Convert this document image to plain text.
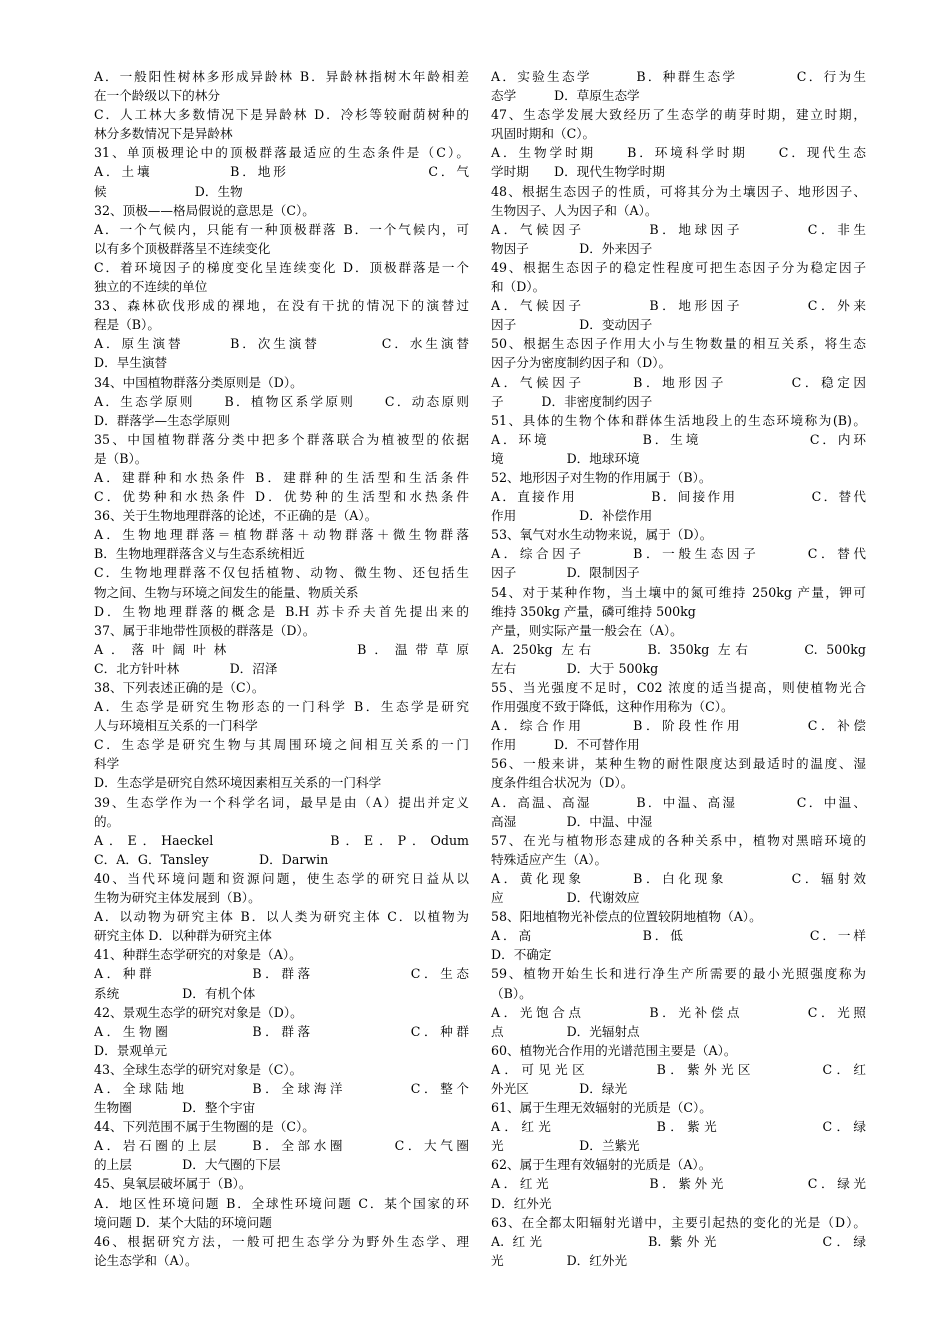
A．一般阳性树林多形成异龄林 B．异龄林指树木年龄相差
在一个龄级以下的林分
C．人工林大多数情况下是异龄林 D．冷杉等较耐荫树种的
林分多数情况下是异龄林
31、单顶极理论中的顶极群落最适应的生态条件是（C）。
A．土壤　　　　　B．地形　　　　　　　　　C．气
候　　　　　　　D．生物
32、顶极——格局假说的意思是（C）。
A．一个气候内，只能有一种顶极群落 B．一个气候内，可
以有多个顶极群落呈不连续变化
C．着环境因子的梯度变化呈连续变化 D．顶极群落是一个
独立的不连续的单位
33、森林砍伐形成的裸地，在没有干扰的情况下的演替过
程是（B）。
A．原生演替　　　B．次生演替　　　　C．水生演替
D．旱生演替
34、中国植物群落分类原则是（D）。
A．生态学原则　　B．植物区系学原则　　C．动态原则
D．群落学—生态学原则
35、中国植物群落分类中把多个群落联合为植被型的依据
是（B）。
A．建群种和水热条件 B．建群种的生活型和生活条件
C．优势种和水热条件 D．优势种的生活型和水热条件
36、关于生物地理群落的论述，不正确的是（A）。
A．生物地理群落＝植物群落＋动物群落＋微生物群落
B．生物地理群落含义与生态系统相近
C．生物地理群落不仅包括植物、动物、微生物、还包括生
物之间、生物与环境之间发生的能量、物质关系
D．生物地理群落的概念是 B.H 苏卡乔夫首先提出来的
37、属于非地带性顶极的群落是（D）。
A．落叶阔叶林　　　　　　B．温带草原
C．北方针叶林　　　　D．沼泽
38、下列表述正确的是（C）。
A．生态学是研究生物形态的一门科学 B．生态学是研究
人与环境相互关系的一门科学
C．生态学是研究生物与其周围环境之间相互关系的一门
科学
D．生态学是研究自然环境因素相互关系的一门科学
39、生态学作为一个科学名词，最早是由（A）提出并定义
的。
A．E．Haeckel　　　　　　B．E．P．Odum
C．A．G．Tansley　　　　D．Darwin
40、当代环境问题和资源问题，使生态学的研究日益从以
生物为研究主体发展到（B）。
A．以动物为研究主体 B．以人类为研究主体 C．以植物为
研究主体 D．以种群为研究主体
41、种群生态学研究的对象是（A）。
A．种群　　　　　　B．群落　　　　　　C．生态
系统　　　　　D．有机个体
42、景观生态学的研究对象是（D）。
A．生物圈　　　　　B．群落　　　　　　C．种群
D．景观单元
43、全球生态学的研究对象是（C）。
A．全球陆地　　　　B．全球海洋　　　　C．整个
生物圈　　　　D．整个宇宙
44、下列范围不属于生物圈的是（C）。
A．岩石圈的上层　　B．全部水圈　　　C．大气圈
的上层　　　　D．大气圈的下层
45、臭氧层破坏属于（B）。
A．地区性环境问题 B．全球性环境问题 C．某个国家的环
境问题 D．某个大陆的环境问题
46、根据研究方法，一般可把生态学分为野外生态学、理
论生态学和（A）。
A．实验生态学　　　B．种群生态学　　　　C．行为生
态学　　　D．草原生态学
47、生态学发展大致经历了生态学的萌芽时期，建立时期，
巩固时期和（C）。
A．生物学时期　　B．环境科学时期　　C．现代生态
学时期　　D．现代生物学时期
48、根据生态因子的性质，可将其分为土壤因子、地形因子、
生物因子、人为因子和（A）。
A．气候因子　　　　B．地球因子　　　　C．非生
物因子　　　　D．外来因子
49、根据生态因子的稳定性程度可把生态因子分为稳定因子
和（D）。
A．气候因子　　　　B．地形因子　　　　C．外来
因子　　　　　D．变动因子
50、根据生态因子作用大小与生物数量的相互关系，将生态
因子分为密度制约因子和（D）。
A．气候因子　　　B．地形因子　　　　C．稳定因
子　　　D．非密度制约因子
51、具体的生物个体和群体生活地段上的生态环境称为(B)。
A．环境　　　　　　B．生境　　　　　　　C．内环
境　　　　　D．地球环境
52、地形因子对生物的作用属于（B）。
A．直接作用　　　　　B．间接作用　　　　　C．替代
作用　　　　　D．补偿作用
53、氧气对水生动物来说，属于（D）。
A．综合因子　　　B．一般生态因子　　　C．替代
因子　　　　D．限制因子
54、对于某种作物，当土壤中的氮可维持 250kg 产量，钾可
维持 350kg 产量，磷可维持 500kg
产量，则实际产量一般会在（A）。
A. 250kg 左右　　　B. 350kg 左右　　　C. 500kg
左右　　　　D．大于 500kg
55、当光强度不足时，C02 浓度的适当提高，则使植物光合
作用强度不致于降低，这种作用称为（C）。
A．综合作用　　　B．阶段性作用　　　　C．补偿
作用　　　D．不可替作用
56、一般来讲，某种生物的耐性限度达到最适时的温度、湿
度条件组合状况为（D）。
A．高温、高湿　　　B．中温、高湿　　　　C．中温、
高湿　　　　D．中温、中湿
57、在光与植物形态建成的各种关系中，植物对黑暗环境的
特殊适应产生（A）。
A．黄化现象　　　B．白化现象　　　　C．辐射效
应　　　　　D．代谢效应
58、阳地植物光补偿点的位置较阴地植物（A）。
A．高　　　　　　　B．低　　　　　　　　C．一样
D．不确定
59、植物开始生长和进行净生产所需要的最小光照强度称为
（B）。
A．光饱合点　　　　B．光补偿点　　　　C．光照
点　　　　　D．光辐射点
60、植物光合作用的光谱范围主要是（A）。
A．可见光区　　　　B．紫外光区　　　　C．红
外光区　　　　D．绿光
61、属于生理无效辐射的光质是（C）。
A．红光　　　　　　B．紫光　　　　　　C．绿
光　　　　　　D．兰紫光
62、属于生理有效辐射的光质是（A）。
A．红光　　　　　　B．紫外光　　　　　C．绿光
D．红外光
63、在全都太阳辐射光谱中，主要引起热的变化的光是（D）。
A. 红光　　　　　　B. 紫外光　　　　　　C．绿
光　　　　　D．红外光
